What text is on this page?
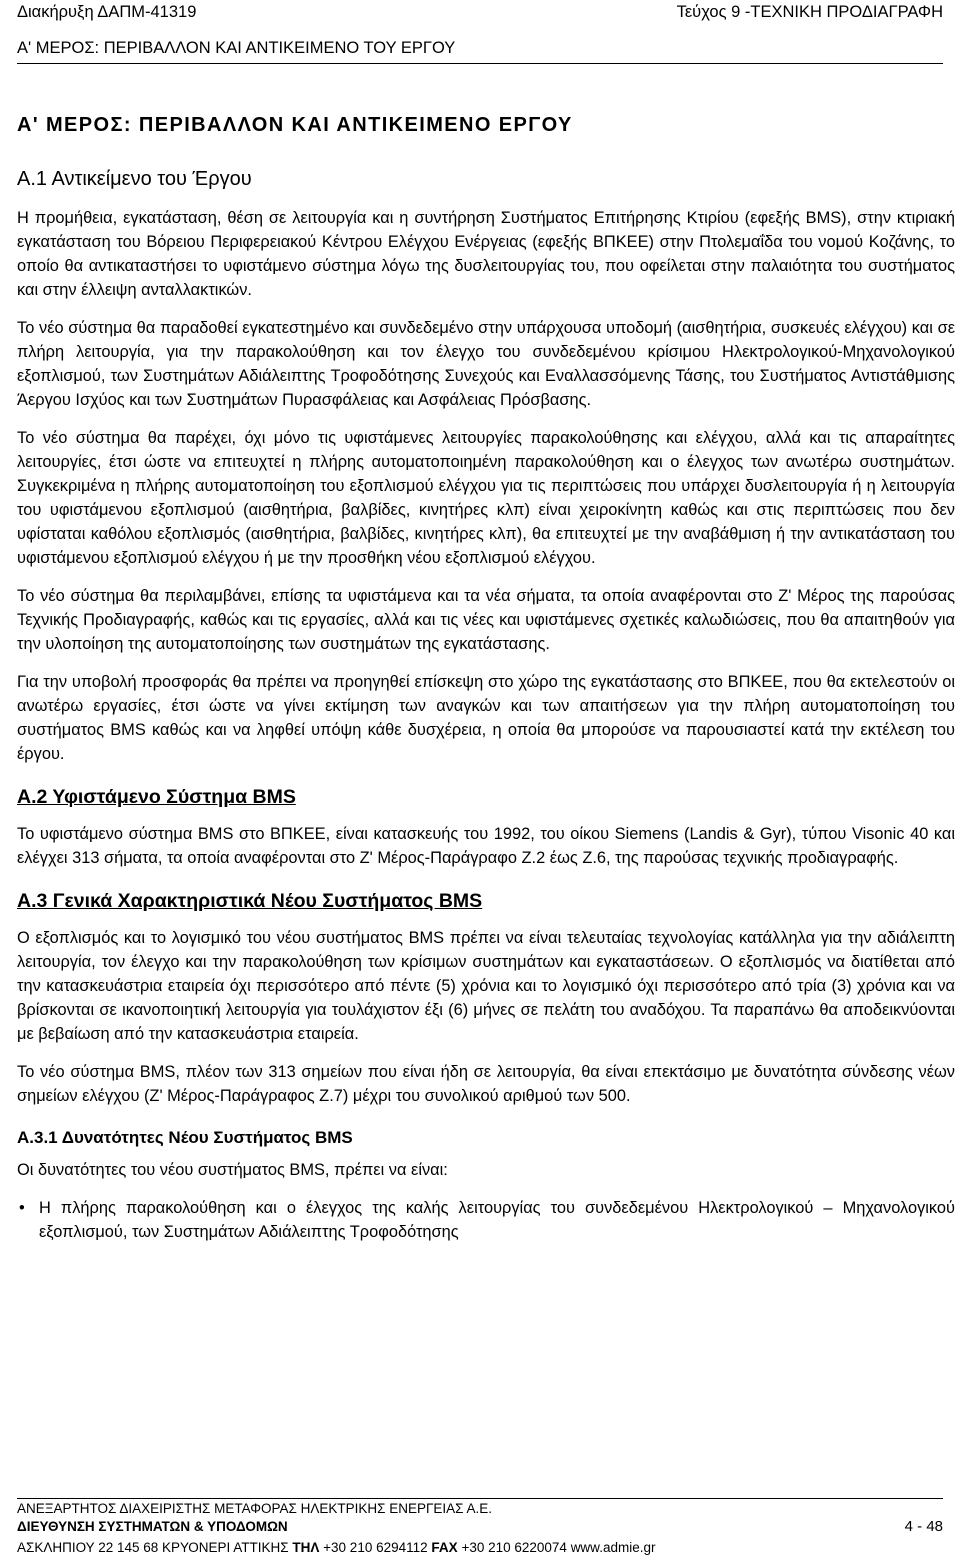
Διακήρυξη ΔΑΠΜ-41319	Τεύχος 9 -ΤΕΧΝΙΚΗ ΠΡΟΔΙΑΓΡΑΦΗ
Α' ΜΕΡΟΣ: ΠΕΡΙΒΑΛΛΟΝ ΚΑΙ ΑΝΤΙΚΕΙΜΕΝΟ ΤΟΥ ΕΡΓΟΥ
Α' ΜΕΡΟΣ: ΠΕΡΙΒΑΛΛΟΝ ΚΑΙ ΑΝΤΙΚΕΙΜΕΝΟ ΕΡΓΟΥ
Α.1 Αντικείμενο του Έργου

Η προμήθεια, εγκατάσταση, θέση σε λειτουργία και η συντήρηση Συστήματος Επιτήρησης Κτιρίου (εφεξής BMS), στην κτιριακή εγκατάσταση του Βόρειου Περιφερειακού Κέντρου Ελέγχου Ενέργειας (εφεξής ΒΠΚΕΕ) στην Πτολεμαΐδα του νομού Κοζάνης, το οποίο θα αντικαταστήσει το υφιστάμενο σύστημα λόγω της δυσλειτουργίας του, που οφείλεται στην παλαιότητα του συστήματος και στην έλλειψη ανταλλακτικών.

Το νέο σύστημα θα παραδοθεί εγκατεστημένο και συνδεδεμένο στην υπάρχουσα υποδομή (αισθητήρια, συσκευές ελέγχου) και σε πλήρη λειτουργία, για την παρακολούθηση και τον έλεγχο του συνδεδεμένου κρίσιμου Ηλεκτρολογικού-Μηχανολογικού εξοπλισμού, των Συστημάτων Αδιάλειπτης Τροφοδότησης Συνεχούς και Εναλλασσόμενης Τάσης, του Συστήματος Αντιστάθμισης Άεργου Ισχύος και των Συστημάτων Πυρασφάλειας και Ασφάλειας Πρόσβασης.

Το νέο σύστημα θα παρέχει, όχι μόνο τις υφιστάμενες λειτουργίες παρακολούθησης και ελέγχου, αλλά και τις απαραίτητες λειτουργίες, έτσι ώστε να επιτευχτεί η πλήρης αυτοματοποιημένη παρακολούθηση και ο έλεγχος των ανωτέρω συστημάτων. Συγκεκριμένα η πλήρης αυτοματοποίηση του εξοπλισμού ελέγχου για τις περιπτώσεις που υπάρχει δυσλειτουργία ή η λειτουργία του υφιστάμενου εξοπλισμού (αισθητήρια, βαλβίδες, κινητήρες κλπ) είναι χειροκίνητη καθώς και στις περιπτώσεις που δεν υφίσταται καθόλου εξοπλισμός (αισθητήρια, βαλβίδες, κινητήρες κλπ), θα επιτευχτεί με την αναβάθμιση ή την αντικατάσταση του υφιστάμενου εξοπλισμού ελέγχου ή με την προσθήκη νέου εξοπλισμού ελέγχου.

Το νέο σύστημα θα περιλαμβάνει, επίσης τα υφιστάμενα και τα νέα σήματα, τα οποία αναφέρονται στο Ζ' Μέρος της παρούσας Τεχνικής Προδιαγραφής, καθώς και τις εργασίες, αλλά και τις νέες και υφιστάμενες σχετικές καλωδιώσεις, που θα απαιτηθούν για την υλοποίηση της αυτοματοποίησης των συστημάτων της εγκατάστασης.

Για την υποβολή προσφοράς θα πρέπει να προηγηθεί επίσκεψη στο χώρο της εγκατάστασης στο ΒΠΚΕΕ, που θα εκτελεστούν οι ανωτέρω εργασίες, έτσι ώστε να γίνει εκτίμηση των αναγκών και των απαιτήσεων για την πλήρη αυτοματοποίηση του συστήματος BMS καθώς και να ληφθεί υπόψη κάθε δυσχέρεια, η οποία θα μπορούσε να παρουσιαστεί κατά την εκτέλεση του έργου.

Α.2 Υφιστάμενο Σύστημα BMS

Το υφιστάμενο σύστημα BMS στο ΒΠΚΕΕ, είναι κατασκευής του 1992, του οίκου Siemens (Landis & Gyr), τύπου Visonic 40 και ελέγχει 313 σήματα, τα οποία αναφέρονται στο Ζ' Μέρος-Παράγραφο Ζ.2 έως Ζ.6, της παρούσας τεχνικής προδιαγραφής.

Α.3 Γενικά Χαρακτηριστικά Νέου Συστήματος BMS

Ο εξοπλισμός και το λογισμικό του νέου συστήματος BMS πρέπει να είναι τελευταίας τεχνολογίας κατάλληλα για την αδιάλειπτη λειτουργία, τον έλεγχο και την παρακολούθηση των κρίσιμων συστημάτων και εγκαταστάσεων. Ο εξοπλισμός να διατίθεται από την κατασκευάστρια εταιρεία όχι περισσότερο από πέντε (5) χρόνια και το λογισμικό όχι περισσότερο από τρία (3) χρόνια και να βρίσκονται σε ικανοποιητική λειτουργία για τουλάχιστον έξι (6) μήνες σε πελάτη του αναδόχου. Τα παραπάνω θα αποδεικνύονται με βεβαίωση από την κατασκευάστρια εταιρεία.

Το νέο σύστημα BMS, πλέον των 313 σημείων που είναι ήδη σε λειτουργία, θα είναι επεκτάσιμο με δυνατότητα σύνδεσης νέων σημείων ελέγχου (Ζ' Μέρος-Παράγραφος Ζ.7) μέχρι του συνολικού αριθμού των 500.

Α.3.1 Δυνατότητες Νέου Συστήματος BMS

Οι δυνατότητες του νέου συστήματος BMS, πρέπει να είναι:

• Η πλήρης παρακολούθηση και ο έλεγχος της καλής λειτουργίας του συνδεδεμένου Ηλεκτρολογικού – Μηχανολογικού εξοπλισμού, των Συστημάτων Αδιάλειπτης Τροφοδότησης
ΑΝΕΞΑΡΤΗΤΟΣ ΔΙΑΧΕΙΡΙΣΤΗΣ ΜΕΤΑΦΟΡΑΣ ΗΛΕΚΤΡΙΚΗΣ ΕΝΕΡΓΕΙΑΣ Α.Ε.
ΔΙΕΥΘΥΝΣΗ ΣΥΣΤΗΜΑΤΩΝ & ΥΠΟΔΟΜΩΝ	4 - 48
ΑΣΚΛΗΠΙΟΥ 22 145 68 ΚΡΥΟΝΕΡΙ ΑΤΤΙΚΗΣ ΤΗΛ +30 210 6294112 FAX +30 210 6220074 www.admie.gr
